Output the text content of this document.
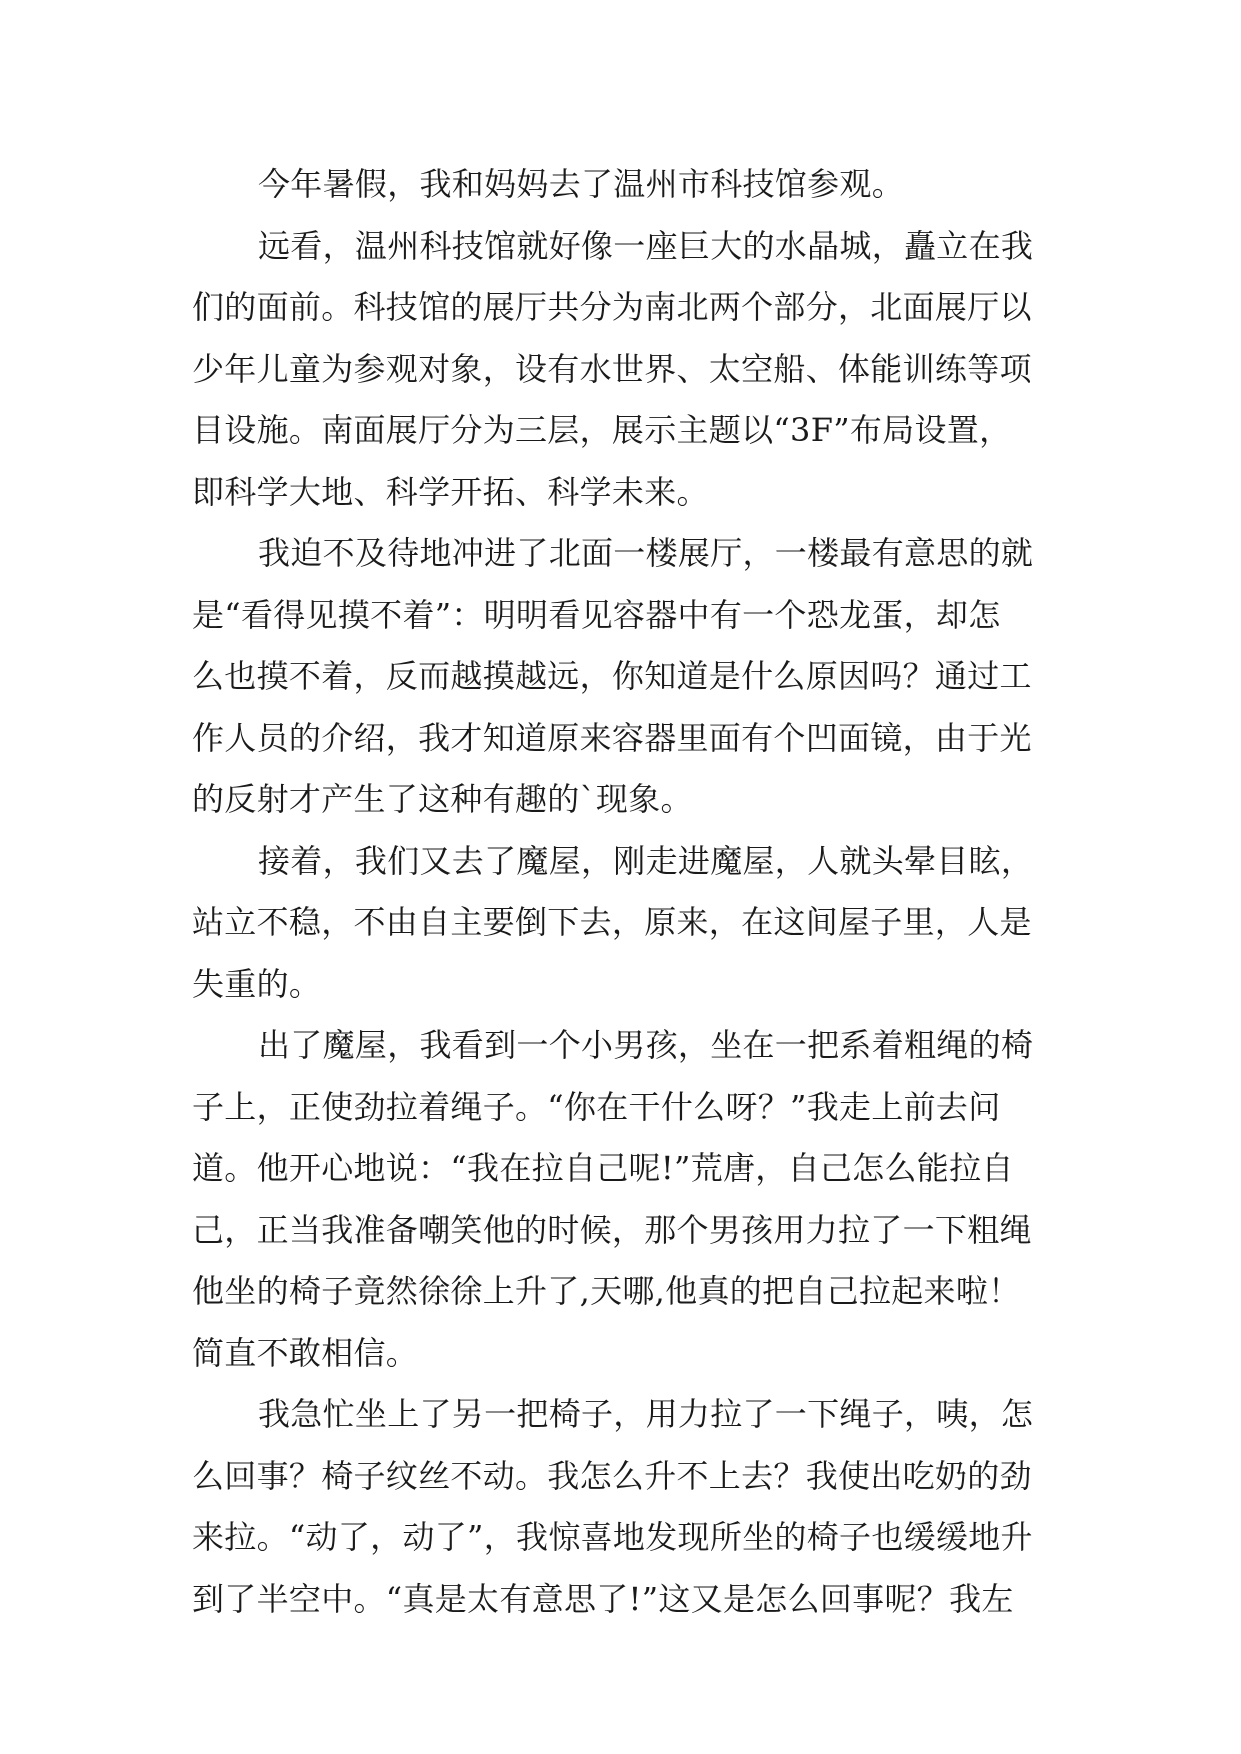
今年暑假，我和妈妈去了温州市科技馆参观。
远看，温州科技馆就好像一座巨大的水晶城，矗立在我
们的面前。科技馆的展厅共分为南北两个部分，北面展厅以
少年儿童为参观对象，设有水世界、太空船、体能训练等项
目设施。南面展厅分为三层，展示主题以“3F”布局设置，
即科学大地、科学开拓、科学未来。
我迫不及待地冲进了北面一楼展厅，一楼最有意思的就
是“看得见摸不着”：明明看见容器中有一个恐龙蛋，却怎
么也摸不着，反而越摸越远，你知道是什么原因吗？通过工
作人员的介绍，我才知道原来容器里面有个凹面镜，由于光
的反射才产生了这种有趣的`现象。
接着，我们又去了魔屋，刚走进魔屋，人就头晕目眩，
站立不稳，不由自主要倒下去，原来，在这间屋子里，人是
失重的。
出了魔屋，我看到一个小男孩，坐在一把系着粗绳的椅
子上，正使劲拉着绳子。“你在干什么呀？”我走上前去问
道。他开心地说：“我在拉自己呢!”荒唐，自己怎么能拉自
己，正当我准备嘲笑他的时候，那个男孩用力拉了一下粗绳
他坐的椅子竟然徐徐上升了,天哪,他真的把自己拉起来啦！
简直不敢相信。
我急忙坐上了另一把椅子，用力拉了一下绳子，咦，怎
么回事？椅子纹丝不动。我怎么升不上去？我使出吃奶的劲
来拉。“动了，动了”，我惊喜地发现所坐的椅子也缓缓地升
到了半空中。“真是太有意思了!”这又是怎么回事呢？我左
